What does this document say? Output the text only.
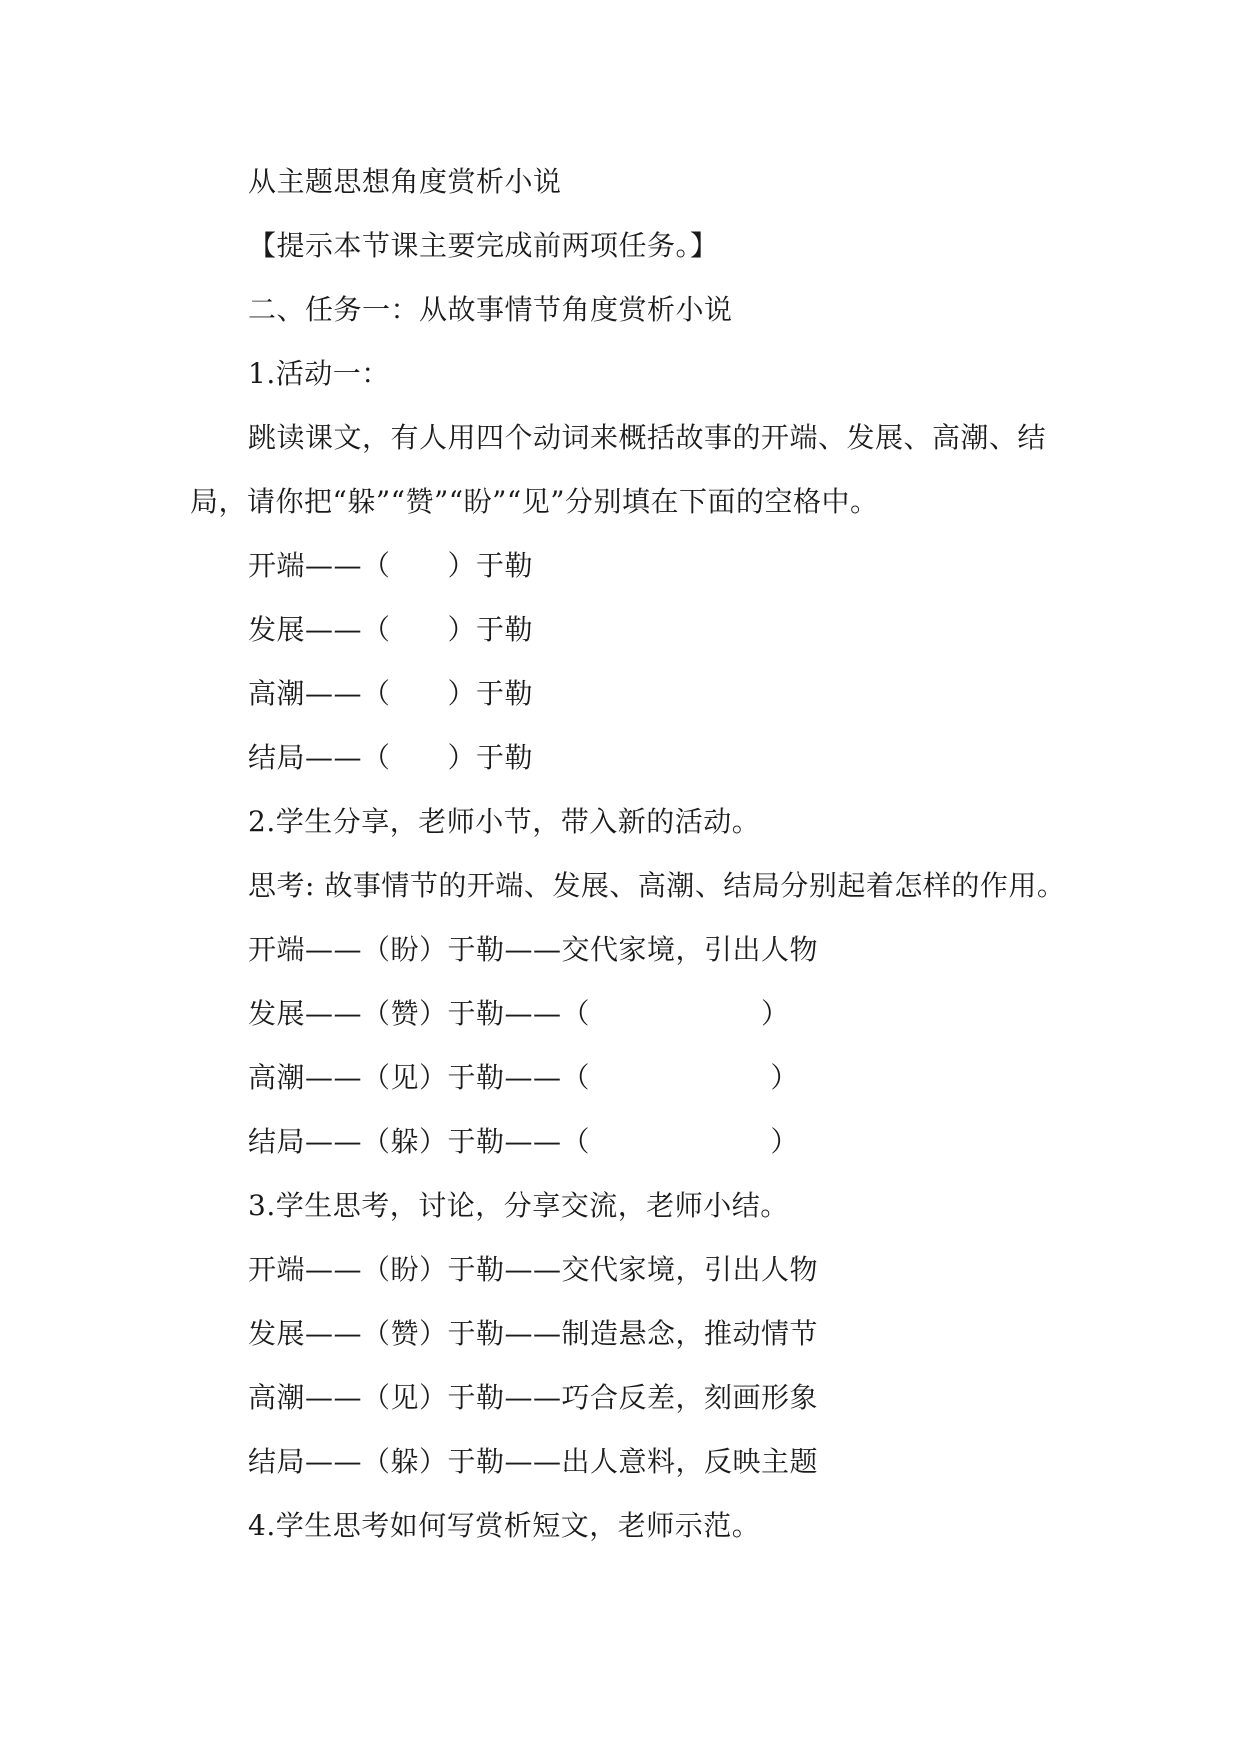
从主题思想角度赏析小说
【提示本节课主要完成前两项任务。】
二、任务一：从故事情节角度赏析小说
1.活动一：
跳读课文，有人用四个动词来概括故事的开端、发展、高潮、结
局，请你把“躲”“赞”“盼”“见”分别填在下面的空格中。
开端——（　　）于勒
发展——（　　）于勒
高潮——（　　）于勒
结局——（　　）于勒
2.学生分享，老师小节，带入新的活动。
思考: 故事情节的开端、发展、高潮、结局分别起着怎样的作用。
开端——（盼）于勒——交代家境，引出人物
发展——（赞）于勒——（　　　　　　）
高潮——（见）于勒——（　　　　　　 ）
结局——（躲）于勒——（　　　　　　 ）
3.学生思考，讨论，分享交流，老师小结。
开端——（盼）于勒——交代家境，引出人物
发展——（赞）于勒——制造悬念，推动情节
高潮——（见）于勒——巧合反差，刻画形象
结局——（躲）于勒——出人意料，反映主题
4.学生思考如何写赏析短文，老师示范。
